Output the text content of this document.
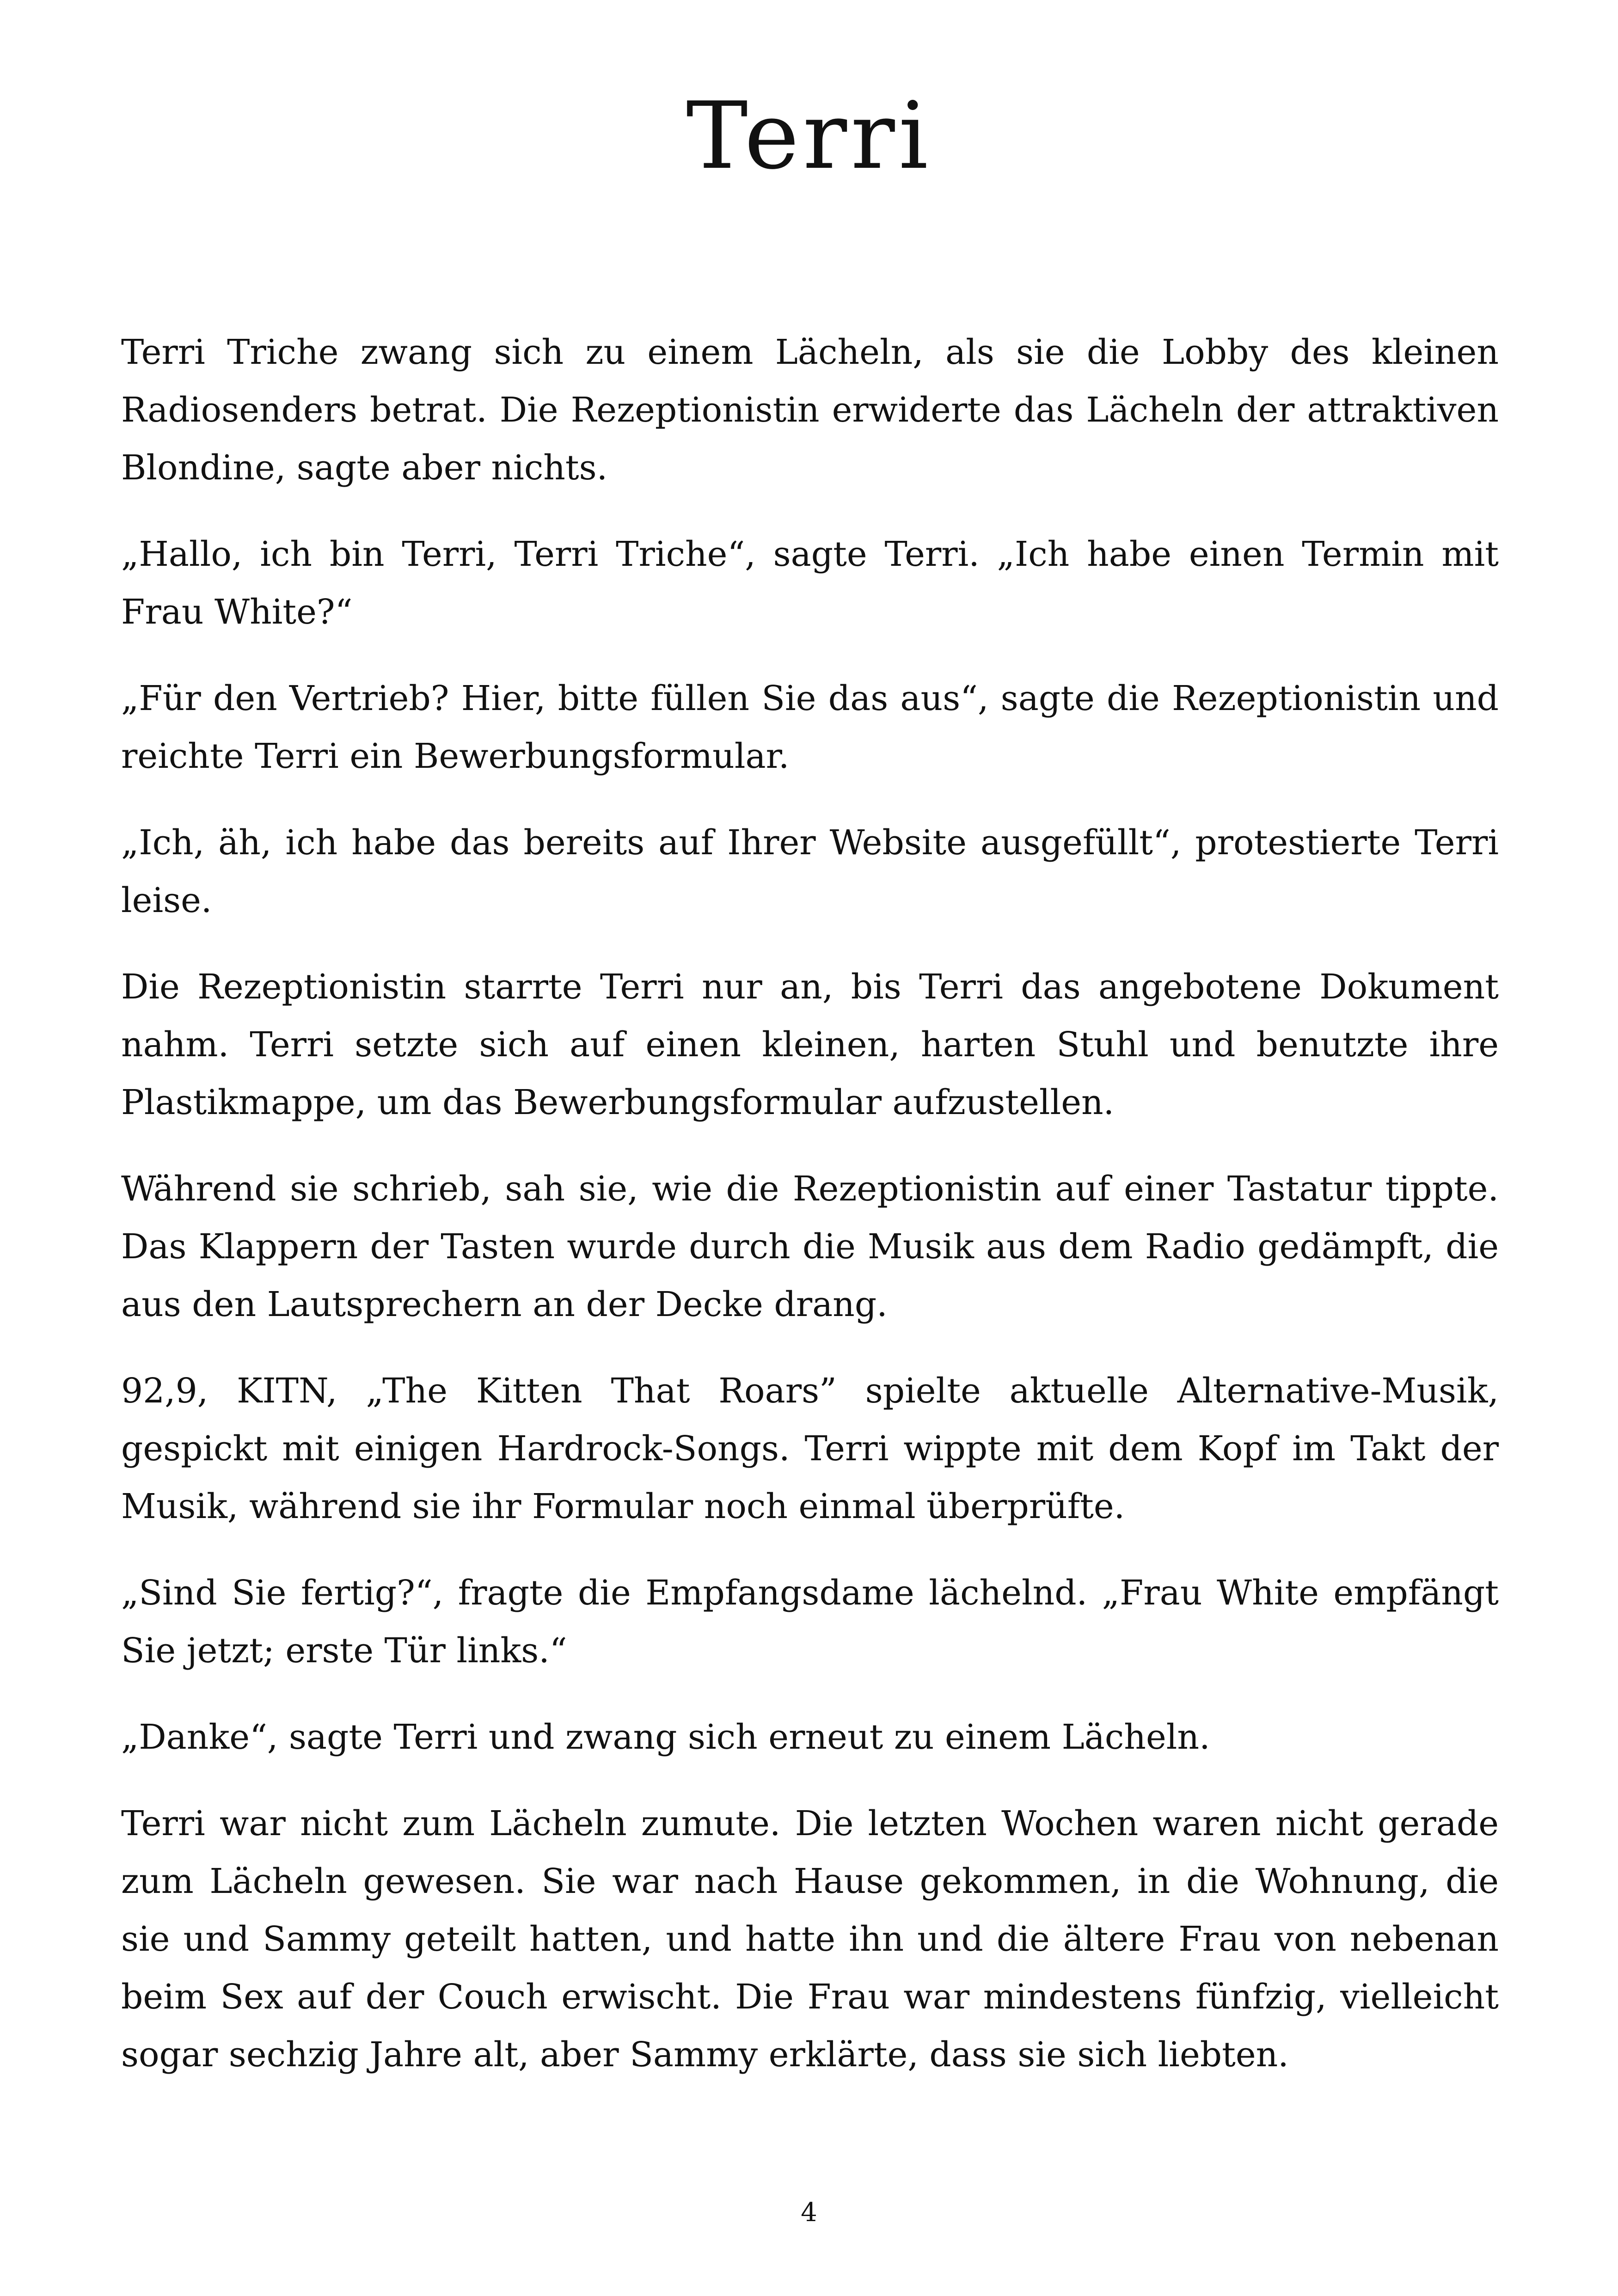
Terri

Terri Triche zwang sich zu einem Lächeln, als sie die Lobby des kleinen Radiosenders betrat. Die Rezeptionistin erwiderte das Lächeln der attraktiven Blondine, sagte aber nichts.

„Hallo, ich bin Terri, Terri Triche“, sagte Terri. „Ich habe einen Termin mit Frau White?“

„Für den Vertrieb? Hier, bitte füllen Sie das aus“, sagte die Rezeptionistin und reichte Terri ein Bewerbungsformular.

„Ich, äh, ich habe das bereits auf Ihrer Website ausgefüllt“, protestierte Terri leise.

Die Rezeptionistin starrte Terri nur an, bis Terri das angebotene Dokument nahm. Terri setzte sich auf einen kleinen, harten Stuhl und benutzte ihre Plastikmappe, um das Bewerbungsformular aufzustellen.

Während sie schrieb, sah sie, wie die Rezeptionistin auf einer Tastatur tippte. Das Klappern der Tasten wurde durch die Musik aus dem Radio gedämpft, die aus den Lautsprechern an der Decke drang.

92,9, KITN, „The Kitten That Roars” spielte aktuelle Alternative-Musik, gespickt mit einigen Hardrock-Songs. Terri wippte mit dem Kopf im Takt der Musik, während sie ihr Formular noch einmal überprüfte.

„Sind Sie fertig?“, fragte die Empfangsdame lächelnd. „Frau White empfängt Sie jetzt; erste Tür links.“

„Danke“, sagte Terri und zwang sich erneut zu einem Lächeln.

Terri war nicht zum Lächeln zumute. Die letzten Wochen waren nicht gerade zum Lächeln gewesen. Sie war nach Hause gekommen, in die Wohnung, die sie und Sammy geteilt hatten, und hatte ihn und die ältere Frau von nebenan beim Sex auf der Couch erwischt. Die Frau war mindestens fünfzig, vielleicht sogar sechzig Jahre alt, aber Sammy erklärte, dass sie sich liebten.

4
